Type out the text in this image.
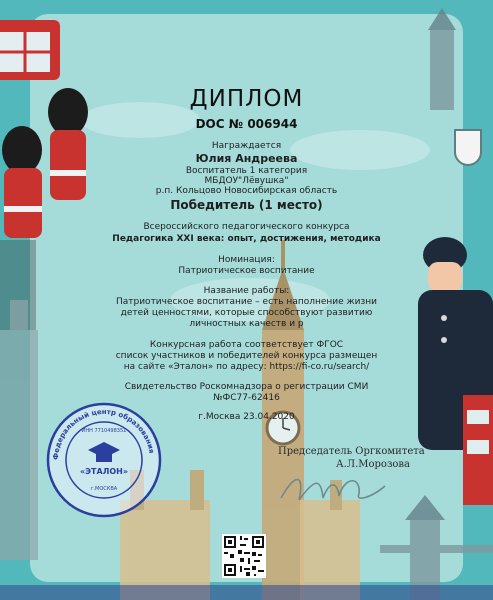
ДИПЛОМ
DOC № 006944
Награждается
Юлия Андреева
Воспитатель 1 категория
МБДОУ"Лёвушка"
р.п. Кольцово Новосибирская область
Победитель (1 место)
Всероссийского педагогического конкурса
Педагогика XXI века: опыт, достижения, методика
Номинация:
Патриотическое воспитание
Название работы:
Патриотическое воспитание – есть наполнение жизни
детей ценностями, которые способствуют развитию
личностных качеств и р
Конкурсная работа соответствует ФГОС
список участников и победителей конкурса размещен
на сайте «Эталон» по адресу: https://fi-co.ru/search/
Свидетельство Роскомнадзора о регистрации СМИ
№ФС77-62416
г.Москва 23.04.2020
Председатель Оргкомитета
А.Л.Морозова
Федеральный центр образования
«ЭТАЛОН»
ИНН 7710498351
г.МОСКВА
